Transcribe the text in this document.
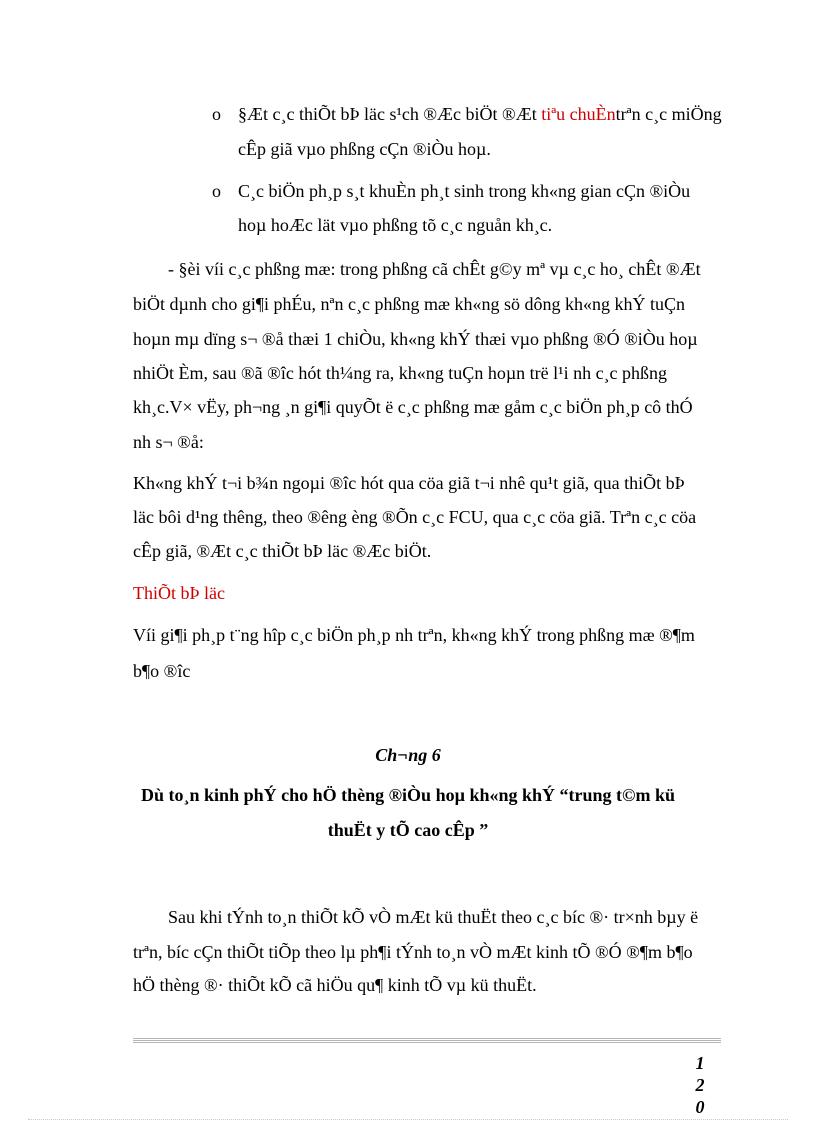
o §Æt c¸c thiÕt bÞ läc s¹ch ®Æc biÖt ®Æt tiªu chuÈntrªn c¸c miÖng
cÊp giã vµo phßng cÇn ®iÒu hoµ.
o C¸c biÖn ph¸p s¸t khuÈn ph¸t sinh trong kh«ng gian cÇn ®iÒu
hoµ hoÆc lät vµo phßng tõ c¸c nguån kh¸c.
- §èi víi c¸c phßng mæ: trong phßng cã chÊt g©y mª vµ c¸c ho¸ chÊt ®Æt
biÖt dµnh cho gi¶i phÉu, nªn c¸c phßng mæ kh«ng sö dông kh«ng khÝ tuÇn
hoµn mµ dïng s¬ ®å thæi 1 chiÒu, kh«ng khÝ thæi vµo phßng ®Ó ®iÒu hoµ
nhiÖt Èm, sau ®ã ®îc hót th¼ng ra, kh«ng tuÇn hoµn trë l¹i nh c¸c phßng
kh¸c.V× vËy, ph¬ng ¸n gi¶i quyÕt ë c¸c phßng mæ gåm c¸c biÖn ph¸p cô thÓ
nh s¬ ®å:
Kh«ng khÝ t¬i b¾n ngoµi ®îc hót qua cöa giã t¬i nhê qu¹t giã, qua thiÕt bÞ
läc bôi d¹ng thêng, theo ®êng èng ®Õn c¸c FCU, qua c¸c cöa giã. Trªn c¸c cöa
cÊp giã, ®Æt c¸c thiÕt bÞ läc ®Æc biÖt.
ThiÕt bÞ läc
Víi gi¶i ph¸p t¨ng hîp c¸c biÖn ph¸p nh trªn, kh«ng khÝ trong phßng mæ ®¶m
b¶o ®îc
Ch¬ng 6
Dù to¸n kinh phÝ cho hÖ thèng ®iÒu hoµ kh«ng khÝ “trung t©m kü
thuËt y tÕ cao cÊp ”
Sau khi tÝnh to¸n thiÕt kÕ vÒ mÆt kü thuËt theo c¸c bíc ®· tr×nh bµy ë
trªn, bíc cÇn thiÕt tiÕp theo lµ ph¶i tÝnh to¸n vÒ mÆt kinh tÕ ®Ó ®¶m b¶o
hÖ thèng ®· thiÕt kÕ cã hiÖu qu¶ kinh tÕ vµ kü thuËt.
1
2
0
